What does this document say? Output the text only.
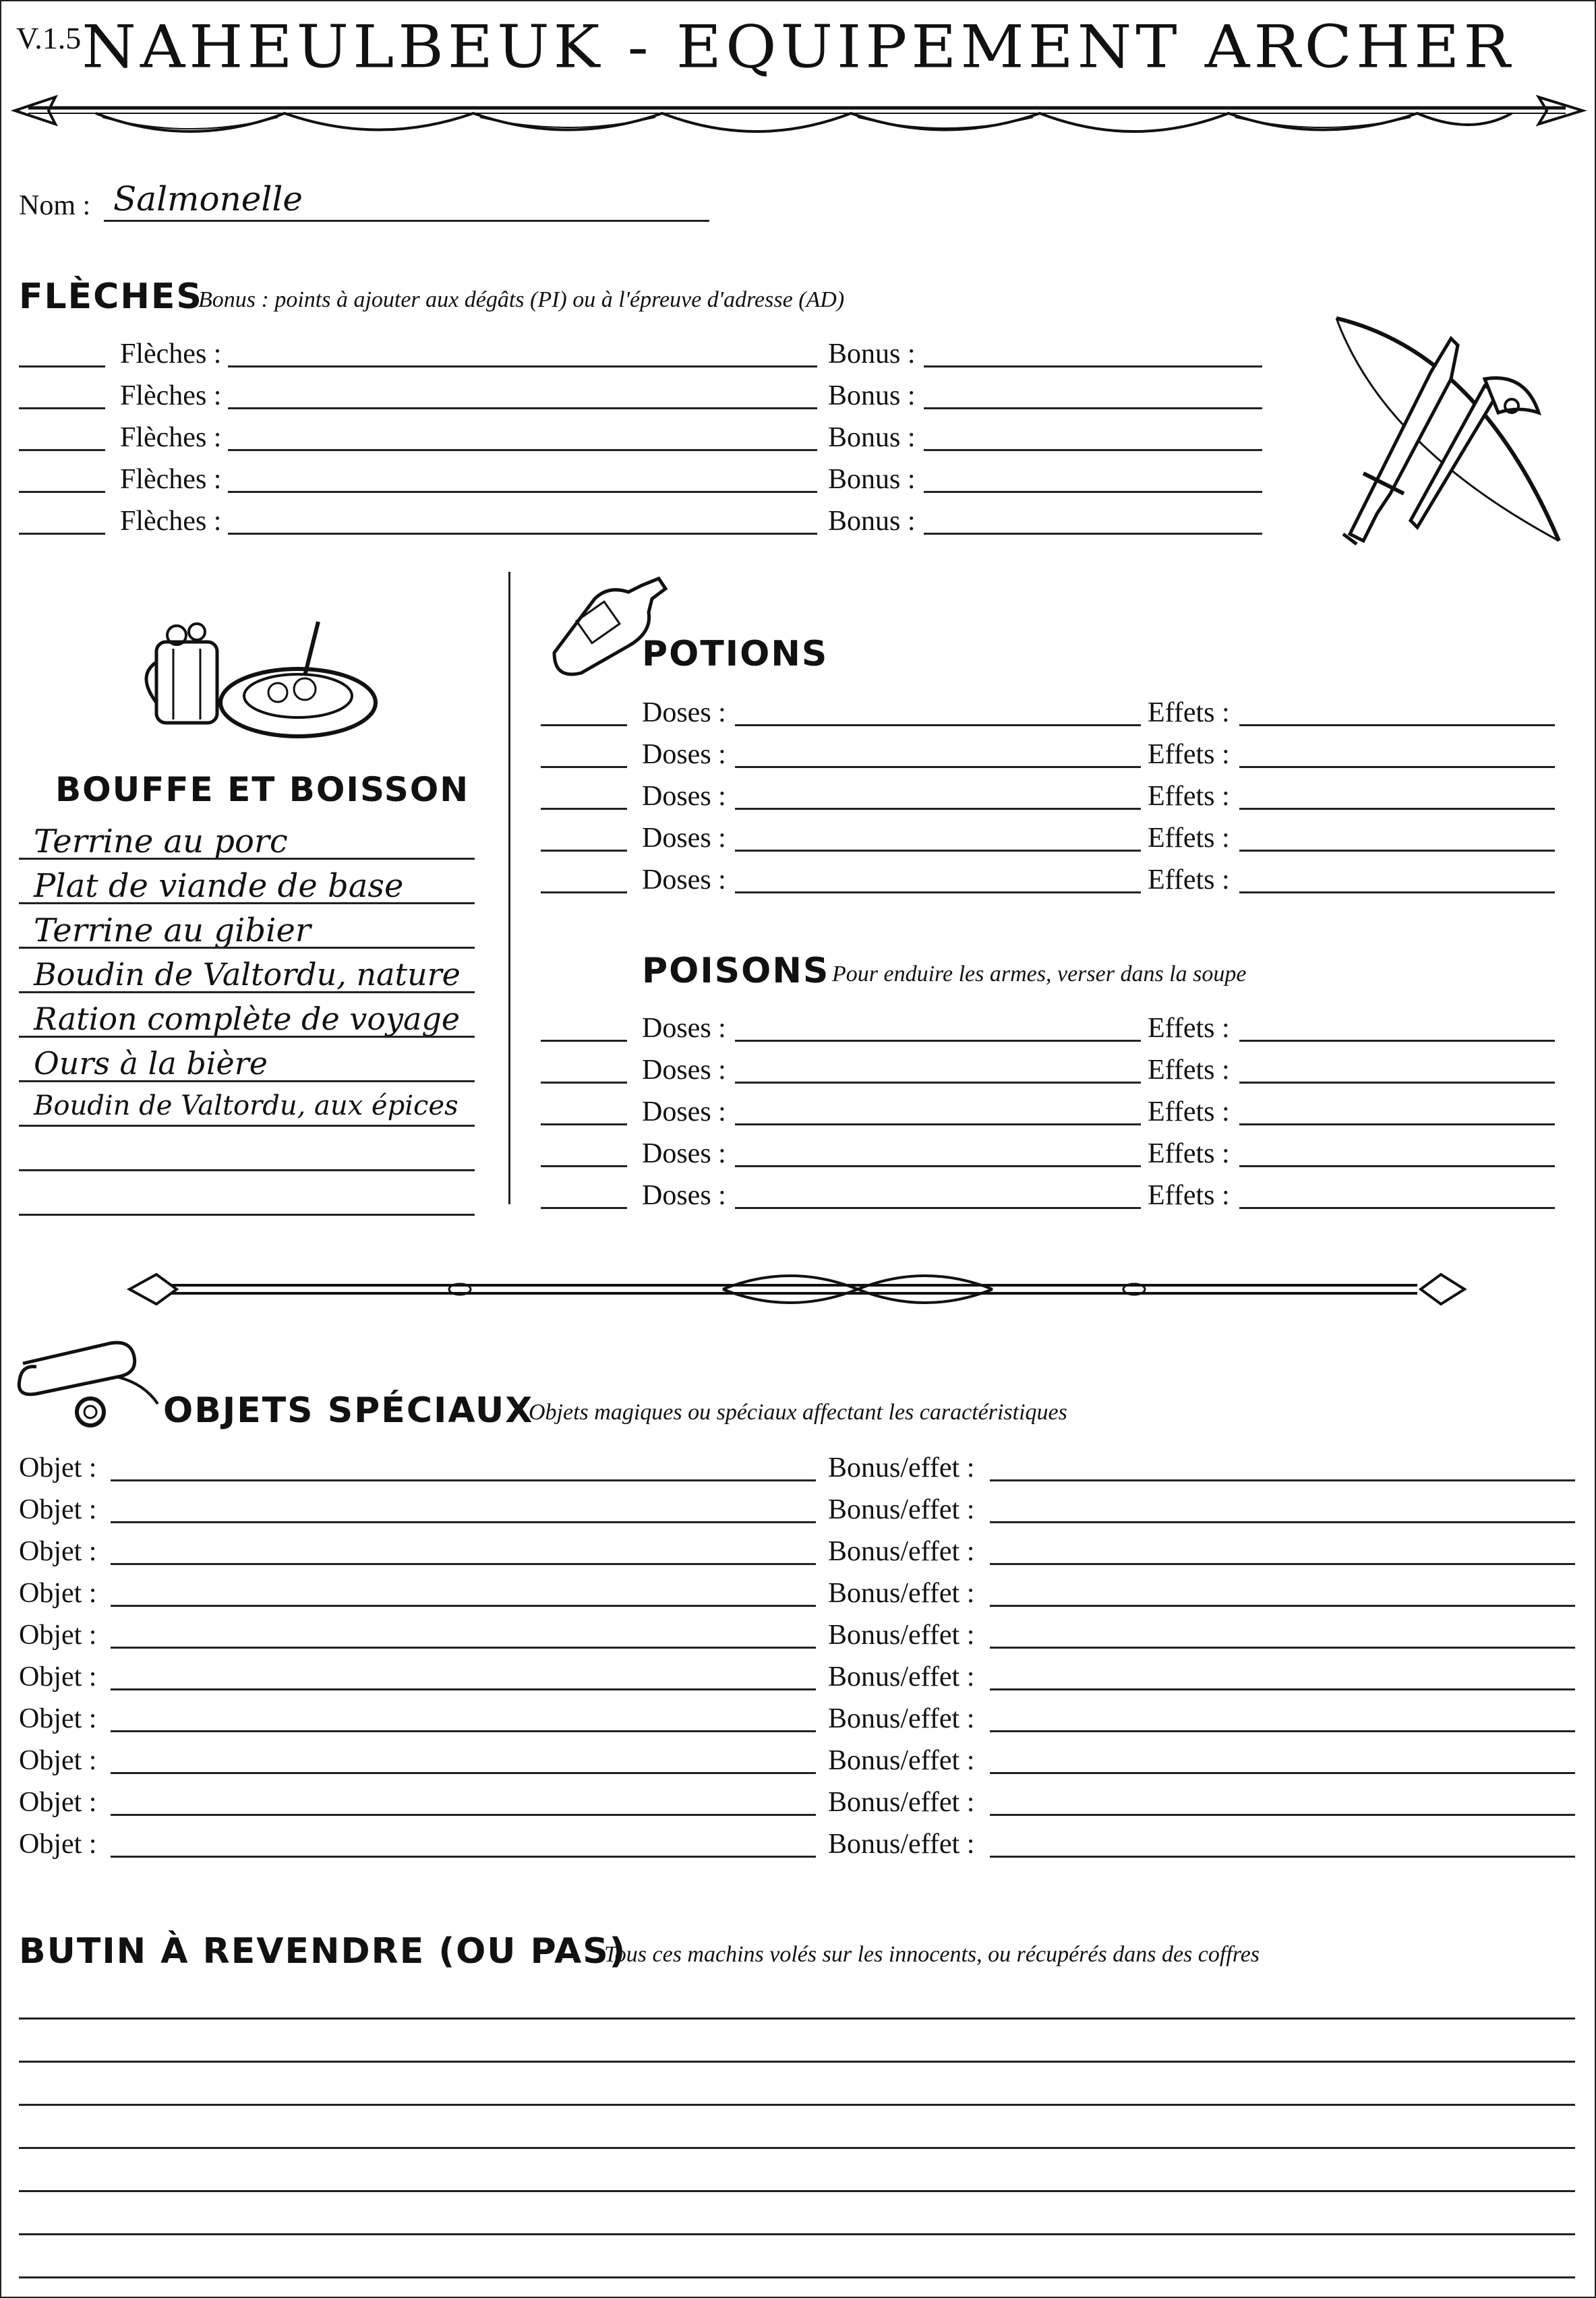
V.1.5 NAHEULBEUK - EQUIPEMENT ARCHER
Nom : Salmonelle
FLÈCHES
Bonus : points à ajouter aux dégâts (PI) ou à l'épreuve d'adresse (AD)
Flèches :	Bonus :
Flèches :	Bonus :
Flèches :	Bonus :
Flèches :	Bonus :
Flèches :	Bonus :
BOUFFE ET BOISSON
Terrine au porc
Plat de viande de base
Terrine au gibier
Boudin de Valtordu, nature
Ration complète de voyage
Ours à la bière
Boudin de Valtordu, aux épices
POTIONS
Doses :	Effets :
Doses :	Effets :
Doses :	Effets :
Doses :	Effets :
Doses :	Effets :
POISONS Pour enduire les armes, verser dans la soupe
Doses :	Effets :
Doses :	Effets :
Doses :	Effets :
Doses :	Effets :
Doses :	Effets :
OBJETS SPÉCIAUX
Objets magiques ou spéciaux affectant les caractéristiques
Objet :	Bonus/effet :
Objet :	Bonus/effet :
Objet :	Bonus/effet :
Objet :	Bonus/effet :
Objet :	Bonus/effet :
Objet :	Bonus/effet :
Objet :	Bonus/effet :
Objet :	Bonus/effet :
Objet :	Bonus/effet :
Objet :	Bonus/effet :
BUTIN À REVENDRE (OU PAS)
Tous ces machins volés sur les innocents, ou récupérés dans des coffres
